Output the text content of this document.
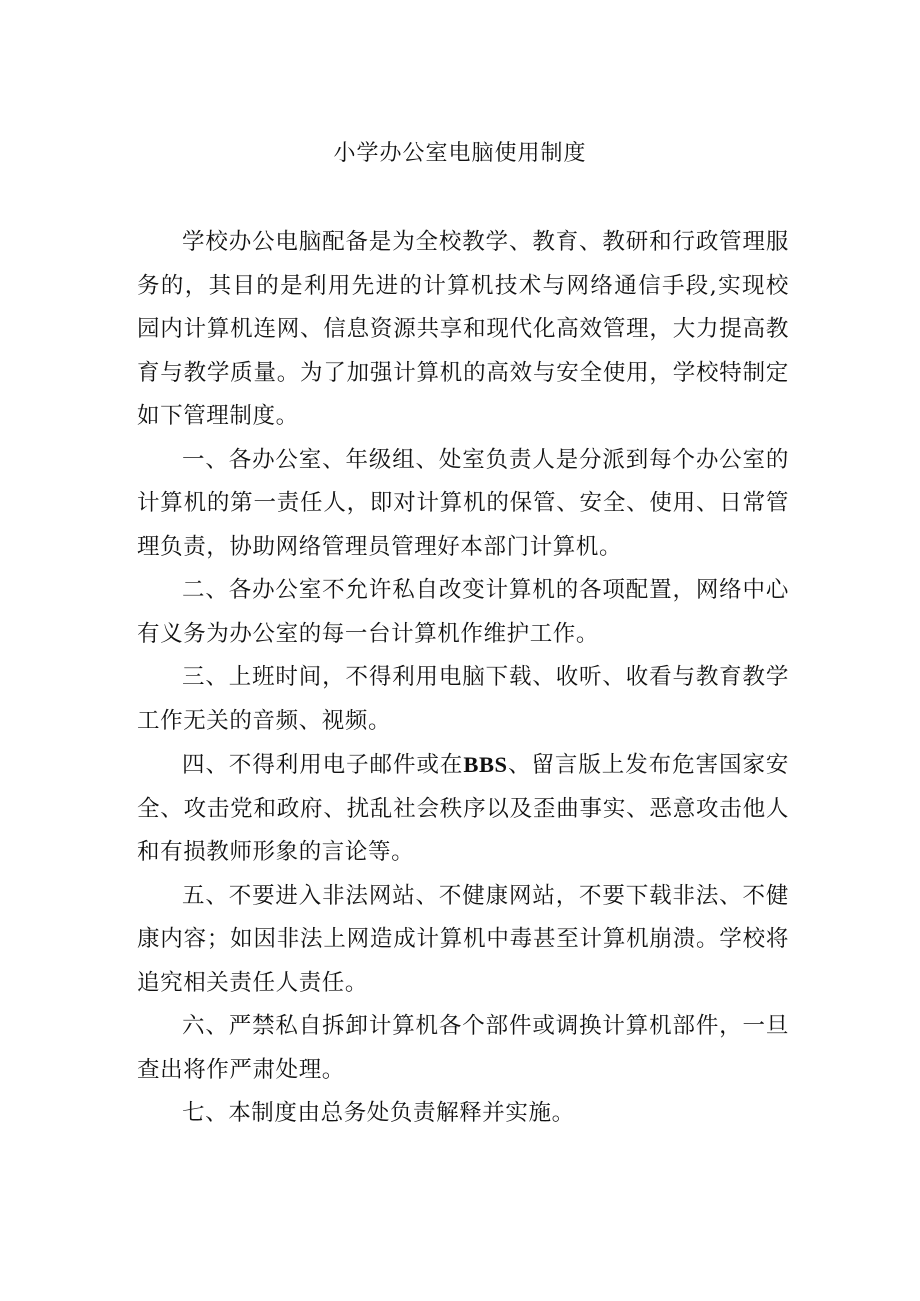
小学办公室电脑使用制度

学校办公电脑配备是为全校教学、教育、教研和行政管理服务的，其目的是利用先进的计算机技术与网络通信手段,实现校园内计算机连网、信息资源共享和现代化高效管理，大力提高教育与教学质量。为了加强计算机的高效与安全使用，学校特制定如下管理制度。

一、各办公室、年级组、处室负责人是分派到每个办公室的计算机的第一责任人，即对计算机的保管、安全、使用、日常管理负责，协助网络管理员管理好本部门计算机。

二、各办公室不允许私自改变计算机的各项配置，网络中心有义务为办公室的每一台计算机作维护工作。

三、上班时间，不得利用电脑下载、收听、收看与教育教学工作无关的音频、视频。

四、不得利用电子邮件或在BBS、留言版上发布危害国家安全、攻击党和政府、扰乱社会秩序以及歪曲事实、恶意攻击他人和有损教师形象的言论等。

五、不要进入非法网站、不健康网站，不要下载非法、不健康内容；如因非法上网造成计算机中毒甚至计算机崩溃。学校将追究相关责任人责任。

六、严禁私自拆卸计算机各个部件或调换计算机部件，一旦查出将作严肃处理。

七、本制度由总务处负责解释并实施。
